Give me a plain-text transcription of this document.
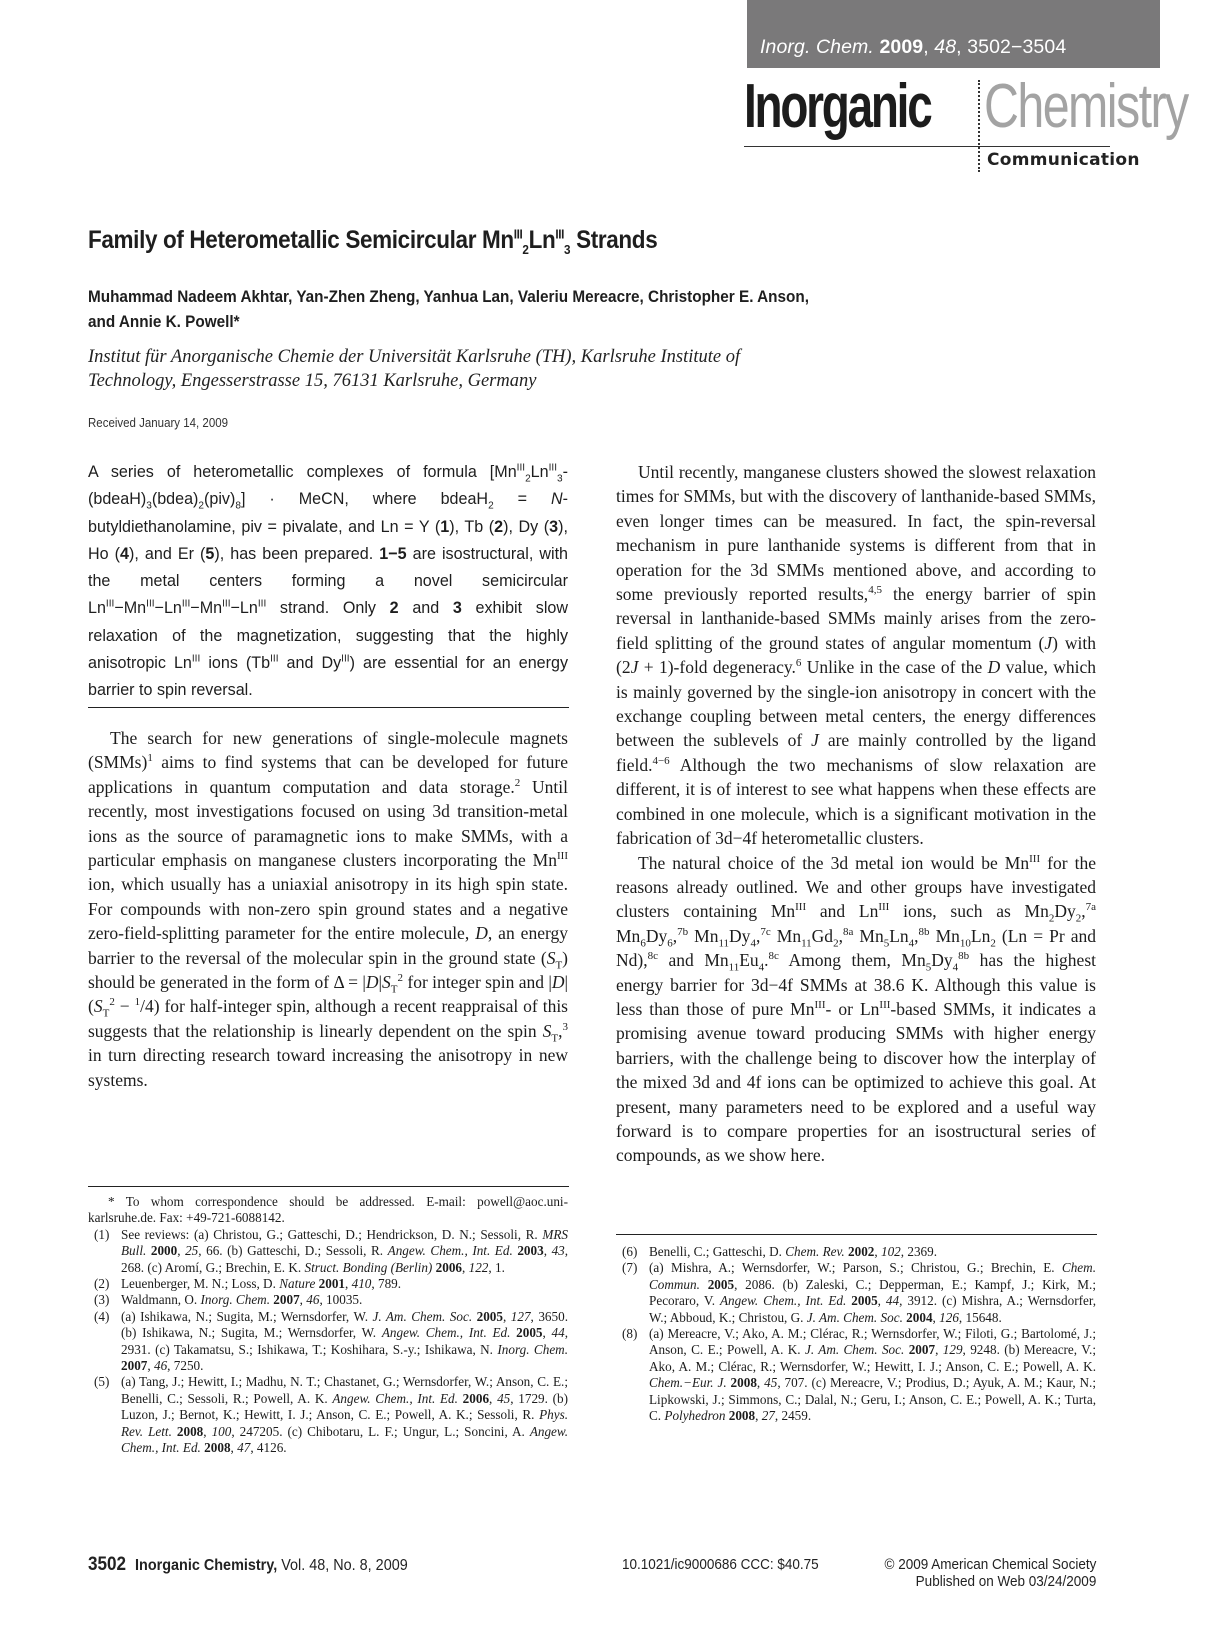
Inorg. Chem. 2009, 48, 3502−3504
Inorganic Chemistry
Communication
Family of Heterometallic Semicircular $Mn^{III}_2Ln^{III}_3$ Strands
Muhammad Nadeem Akhtar, Yan-Zhen Zheng, Yanhua Lan, Valeriu Mereacre, Christopher E. Anson,
and Annie K. Powell*
Institut für Anorganische Chemie der Universität Karlsruhe (TH), Karlsruhe Institute of
Technology, Engesserstrasse 15, 76131 Karlsruhe, Germany
Received January 14, 2009
A series of heterometallic complexes of formula $[Mn^{III}_2Ln^{III}_3-(bdeaH)_3(bdea)_2(piv)_8]$ · MeCN, where bdeaH$_2$ = N-butyldiethanolamine, piv = pivalate, and Ln = Y (1), Tb (2), Dy (3), Ho (4), and Er (5), has been prepared. 1−5 are isostructural, with the metal centers forming a novel semicircular $Ln^{III}-Mn^{III}-Ln^{III}-Mn^{III}-Ln^{III}$ strand. Only 2 and 3 exhibit slow relaxation of the magnetization, suggesting that the highly anisotropic $Ln^{III}$ ions ($Tb^{III}$ and $Dy^{III}$) are essential for an energy barrier to spin reversal.

The search for new generations of single-molecule magnets (SMMs)$^1$ aims to find systems that can be developed for future applications in quantum computation and data storage.$^2$ Until recently, most investigations focused on using 3d transition-metal ions as the source of paramagnetic ions to make SMMs, with a particular emphasis on manganese clusters incorporating the $Mn^{III}$ ion, which usually has a uniaxial anisotropy in its high spin state. For compounds with non-zero spin ground states and a negative zero-field-splitting parameter for the entire molecule, D, an energy barrier to the reversal of the molecular spin in the ground state $(S_T)$ should be generated in the form of $\Delta = |D|S_T^2$ for integer spin and $|D|(S_T^2 - ^1/4)$ for half-integer spin, although a recent reappraisal of this suggests that the relationship is linearly dependent on the spin $S_T,^3$ in turn directing research toward increasing the anisotropy in new systems.

* To whom correspondence should be addressed. E-mail: powell@aoc.uni-karlsruhe.de. Fax: +49-721-6088142.

(1) See reviews: (a) Christou, G.; Gatteschi, D.; Hendrickson, D. N.; Sessoli, R. MRS Bull. 2000, 25, 66. (b) Gatteschi, D.; Sessoli, R. Angew. Chem., Int. Ed. 2003, 43, 268. (c) Aromí, G.; Brechin, E. K. Struct. Bonding (Berlin) 2006, 122, 1.
(2) Leuenberger, M. N.; Loss, D. Nature 2001, 410, 789.
(3) Waldmann, O. Inorg. Chem. 2007, 46, 10035.
(4) (a) Ishikawa, N.; Sugita, M.; Wernsdorfer, W. J. Am. Chem. Soc. 2005, 127, 3650. (b) Ishikawa, N.; Sugita, M.; Wernsdorfer, W. Angew. Chem., Int. Ed. 2005, 44, 2931. (c) Takamatsu, S.; Ishikawa, T.; Koshihara, S.-y.; Ishikawa, N. Inorg. Chem. 2007, 46, 7250.
(5) (a) Tang, J.; Hewitt, I.; Madhu, N. T.; Chastanet, G.; Wernsdorfer, W.; Anson, C. E.; Benelli, C.; Sessoli, R.; Powell, A. K. Angew. Chem., Int. Ed. 2006, 45, 1729. (b) Luzon, J.; Bernot, K.; Hewitt, I. J.; Anson, C. E.; Powell, A. K.; Sessoli, R. Phys. Rev. Lett. 2008, 100, 247205. (c) Chibotaru, L. F.; Ungur, L.; Soncini, A. Angew. Chem., Int. Ed. 2008, 47, 4126.

Until recently, manganese clusters showed the slowest relaxation times for SMMs, but with the discovery of lanthanide-based SMMs, even longer times can be measured. In fact, the spin-reversal mechanism in pure lanthanide systems is different from that in operation for the 3d SMMs mentioned above, and according to some previously reported results,$^{4,5}$ the energy barrier of spin reversal in lanthanide-based SMMs mainly arises from the zero-field splitting of the ground states of angular momentum (J) with (2J + 1)-fold degeneracy.$^6$ Unlike in the case of the D value, which is mainly governed by the single-ion anisotropy in concert with the exchange coupling between metal centers, the energy differences between the sublevels of J are mainly controlled by the ligand field.$^{4-6}$ Although the two mechanisms of slow relaxation are different, it is of interest to see what happens when these effects are combined in one molecule, which is a significant motivation in the fabrication of 3d−4f heterometallic clusters.

The natural choice of the 3d metal ion would be $Mn^{III}$ for the reasons already outlined. We and other groups have investigated clusters containing $Mn^{III}$ and $Ln^{III}$ ions, such as $Mn_2Dy_2,^{7a}$ $Mn_6Dy_6,^{7b}$ $Mn_{11}Dy_4,^{7c}$ $Mn_{11}Gd_2,^{8a}$ $Mn_5Ln_4,^{8b}$ $Mn_{10}Ln_2$ (Ln = Pr and Nd),$^{8c}$ and $Mn_{11}Eu_4.^{8c}$ Among them, $Mn_5Dy_4^{8b}$ has the highest energy barrier for 3d−4f SMMs at 38.6 K. Although this value is less than those of pure $Mn^{III}-$ or $Ln^{III}$-based SMMs, it indicates a promising avenue toward producing SMMs with higher energy barriers, with the challenge being to discover how the interplay of the mixed 3d and 4f ions can be optimized to achieve this goal. At present, many parameters need to be explored and a useful way forward is to compare properties for an isostructural series of compounds, as we show here.

(6) Benelli, C.; Gatteschi, D. Chem. Rev. 2002, 102, 2369.
(7) (a) Mishra, A.; Wernsdorfer, W.; Parson, S.; Christou, G.; Brechin, E. Chem. Commun. 2005, 2086. (b) Zaleski, C.; Depperman, E.; Kampf, J.; Kirk, M.; Pecoraro, V. Angew. Chem., Int. Ed. 2005, 44, 3912. (c) Mishra, A.; Wernsdorfer, W.; Abboud, K.; Christou, G. J. Am. Chem. Soc. 2004, 126, 15648.
(8) (a) Mereacre, V.; Ako, A. M.; Clérac, R.; Wernsdorfer, W.; Filoti, G.; Bartolomé, J.; Anson, C. E.; Powell, A. K. J. Am. Chem. Soc. 2007, 129, 9248. (b) Mereacre, V.; Ako, A. M.; Clérac, R.; Wernsdorfer, W.; Hewitt, I. J.; Anson, C. E.; Powell, A. K. Chem.−Eur. J. 2008, 45, 707. (c) Mereacre, V.; Prodius, D.; Ayuk, A. M.; Kaur, N.; Lipkowski, J.; Simmons, C.; Dalal, N.; Geru, I.; Anson, C. E.; Powell, A. K.; Turta, C. Polyhedron 2008, 27, 2459.
3502 Inorganic Chemistry, Vol. 48, No. 8, 2009	10.1021/ic9000686 CCC: $40.75	© 2009 American Chemical Society
Published on Web 03/24/2009
